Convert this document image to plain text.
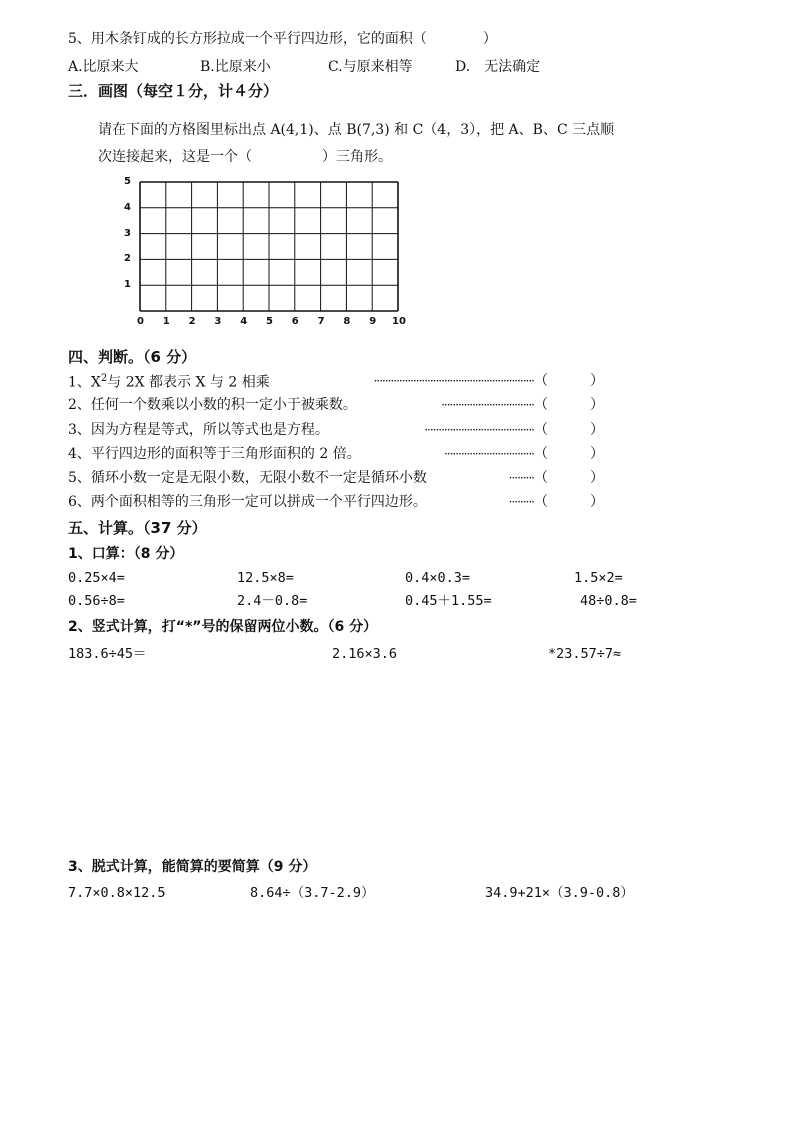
5、用木条钉成的长方形拉成一个平行四边形，它的面积（　　　　）
A.比原来大	B.比原来小	C.与原来相等	D.　无法确定
三．画图（每空１分，计４分）
请在下面的方格图里标出点 A(4,1)、点 B(7,3) 和 C（4，3），把 A、B、C 三点顺
次连接起来，这是一个（　　　　　）三角形。
5
4
3
2
1
0 1 2 3 4 5 6 7 8 9 10
四、判断。（6 分）
1、$X^2$与 2X 都表示 X 与 2 相乘	························································· （　　　）
2、任何一个数乘以小数的积一定小于被乘数。	································· （　　　）
3、因为方程是等式，所以等式也是方程。	······································· （　　　）
4、平行四边形的面积等于三角形面积的 2 倍。	································ （　　　）
5、循环小数一定是无限小数，无限小数不一定是循环小数	········· （　　　）
6、两个面积相等的三角形一定可以拼成一个平行四边形。	········· （　　　）
五、计算。（37 分）
1、口算：（8 分）
0.25×4=	12.5×8=	0.4×0.3=	1.5×2=
0.56÷8=	2.4－0.8=	0.45＋1.55=	48÷0.8=
2、竖式计算，打“*”号的保留两位小数。（6 分）
183.6÷45＝	2.16×3.6	*23.57÷7≈
3、脱式计算，能简算的要简算（9 分）
7.7×0.8×12.5	8.64÷（3.7-2.9）	34.9+21×（3.9-0.8）
